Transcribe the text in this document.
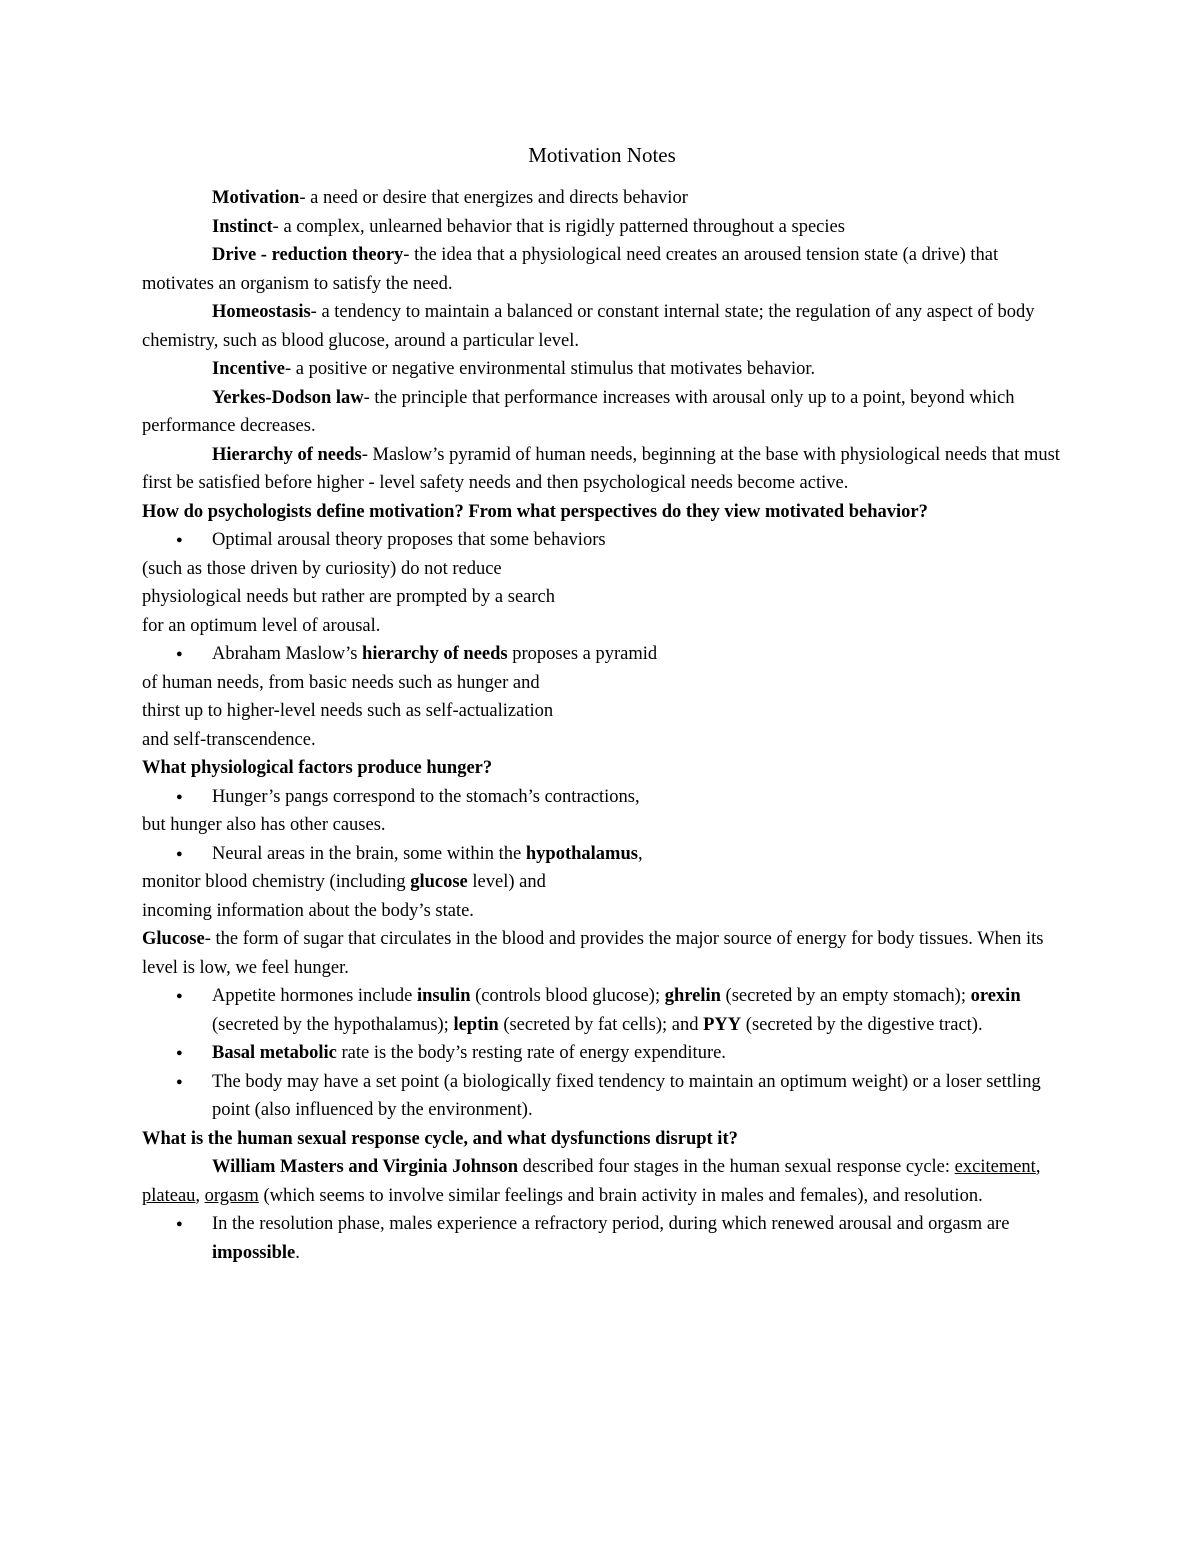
Motivation Notes

Motivation- a need or desire that energizes and directs behavior

Instinct- a complex, unlearned behavior that is rigidly patterned throughout a species

Drive - reduction theory- the idea that a physiological need creates an aroused tension state (a drive) that motivates an organism to satisfy the need.

Homeostasis- a tendency to maintain a balanced or constant internal state; the regulation of any aspect of body chemistry, such as blood glucose, around a particular level.

Incentive- a positive or negative environmental stimulus that motivates behavior.

Yerkes-Dodson law- the principle that performance increases with arousal only up to a point, beyond which performance decreases.

Hierarchy of needs- Maslow’s pyramid of human needs, beginning at the base with physiological needs that must first be satisfied before higher - level safety needs and then psychological needs become active.

How do psychologists define motivation? From what perspectives do they view motivated behavior?

● Optimal arousal theory proposes that some behaviors
(such as those driven by curiosity) do not reduce
physiological needs but rather are prompted by a search
for an optimum level of arousal.

● Abraham Maslow’s hierarchy of needs proposes a pyramid
of human needs, from basic needs such as hunger and
thirst up to higher-level needs such as self-actualization
and self-transcendence.

What physiological factors produce hunger?

● Hunger’s pangs correspond to the stomach’s contractions,
but hunger also has other causes.

● Neural areas in the brain, some within the hypothalamus,
monitor blood chemistry (including glucose level) and
incoming information about the body’s state.

Glucose- the form of sugar that circulates in the blood and provides the major source of energy for body tissues. When its level is low, we feel hunger.

● Appetite hormones include insulin (controls blood glucose); ghrelin (secreted by an empty stomach); orexin (secreted by the hypothalamus); leptin (secreted by fat cells); and PYY (secreted by the digestive tract).

● Basal metabolic rate is the body’s resting rate of energy expenditure.

● The body may have a set point (a biologically fixed tendency to maintain an optimum weight) or a loser settling point (also influenced by the environment).

What is the human sexual response cycle, and what dysfunctions disrupt it?

William Masters and Virginia Johnson described four stages in the human sexual response cycle: excitement, plateau, orgasm (which seems to involve similar feelings and brain activity in males and females), and resolution.

● In the resolution phase, males experience a refractory period, during which renewed arousal and orgasm are impossible.
